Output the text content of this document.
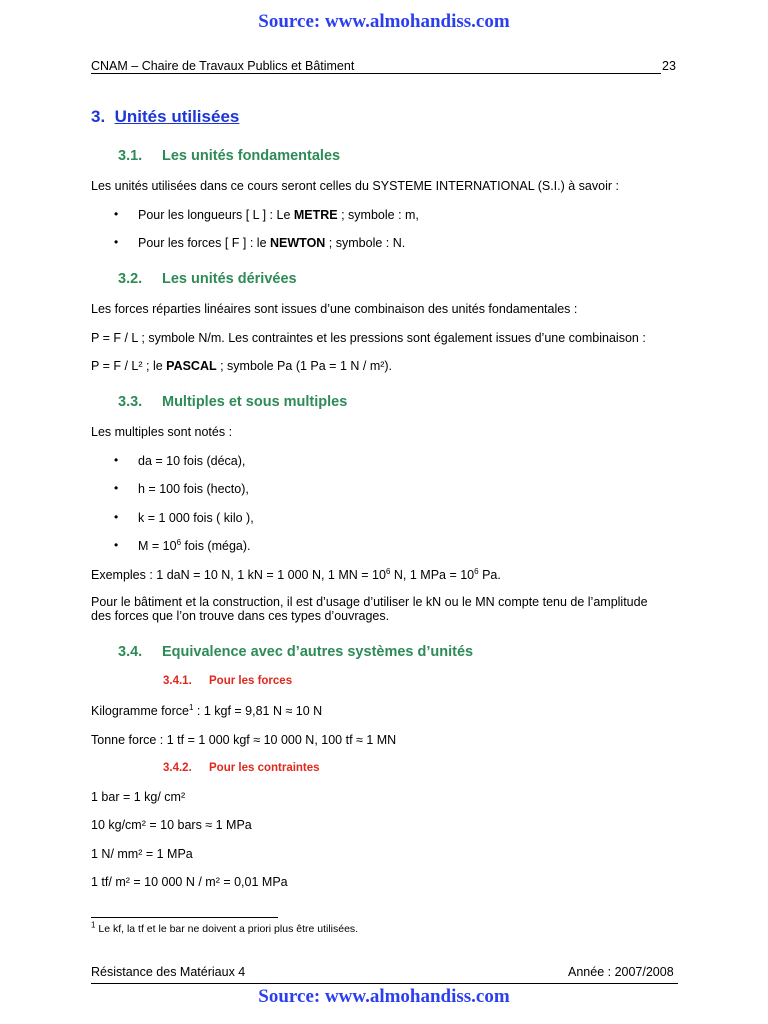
Source: www.almohandiss.com
CNAM – Chaire de Travaux Publics et Bâtiment	23
3. Unités utilisées
3.1. Les unités fondamentales
Les unités utilisées dans ce cours seront celles du SYSTEME INTERNATIONAL (S.I.) à savoir :
• Pour les longueurs [ L ] : Le METRE ; symbole : m,
• Pour les forces [ F ] : le NEWTON ; symbole : N.
3.2. Les unités dérivées
Les forces réparties linéaires sont issues d’une combinaison des unités fondamentales :
P = F / L ; symbole N/m. Les contraintes et les pressions sont également issues d’une combinaison :
P = F / L² ; le PASCAL ; symbole Pa (1 Pa = 1 N / m²).
3.3. Multiples et sous multiples
Les multiples sont notés :
• da = 10 fois (déca),
• h = 100 fois (hecto),
• k = 1 000 fois ( kilo ),
• $M = 10^6$ fois (méga).
Exemples : 1 daN = 10 N, 1 kN = 1 000 N, 1 MN = $10^6$ N, 1 MPa = $10^6$ Pa.
Pour le bâtiment et la construction, il est d’usage d’utiliser le kN ou le MN compte tenu de l’amplitude
des forces que l’on trouve dans ces types d’ouvrages.
3.4. Equivalence avec d’autres systèmes d’unités
3.4.1. Pour les forces
Kilogramme force$^1$ : 1 kgf = 9,81 N ≈ 10 N
Tonne force : 1 tf = 1 000 kgf ≈ 10 000 N, 100 tf ≈ 1 MN
3.4.2. Pour les contraintes
1 bar = 1 kg/ cm²
10 kg/cm² = 10 bars ≈ 1 MPa
1 N/ mm² = 1 MPa
1 tf/ m² = 10 000 N / m² = 0,01 MPa
$^1$ Le kf, la tf et le bar ne doivent a priori plus être utilisées.
Résistance des Matériaux 4	Année : 2007/2008
Source: www.almohandiss.com
